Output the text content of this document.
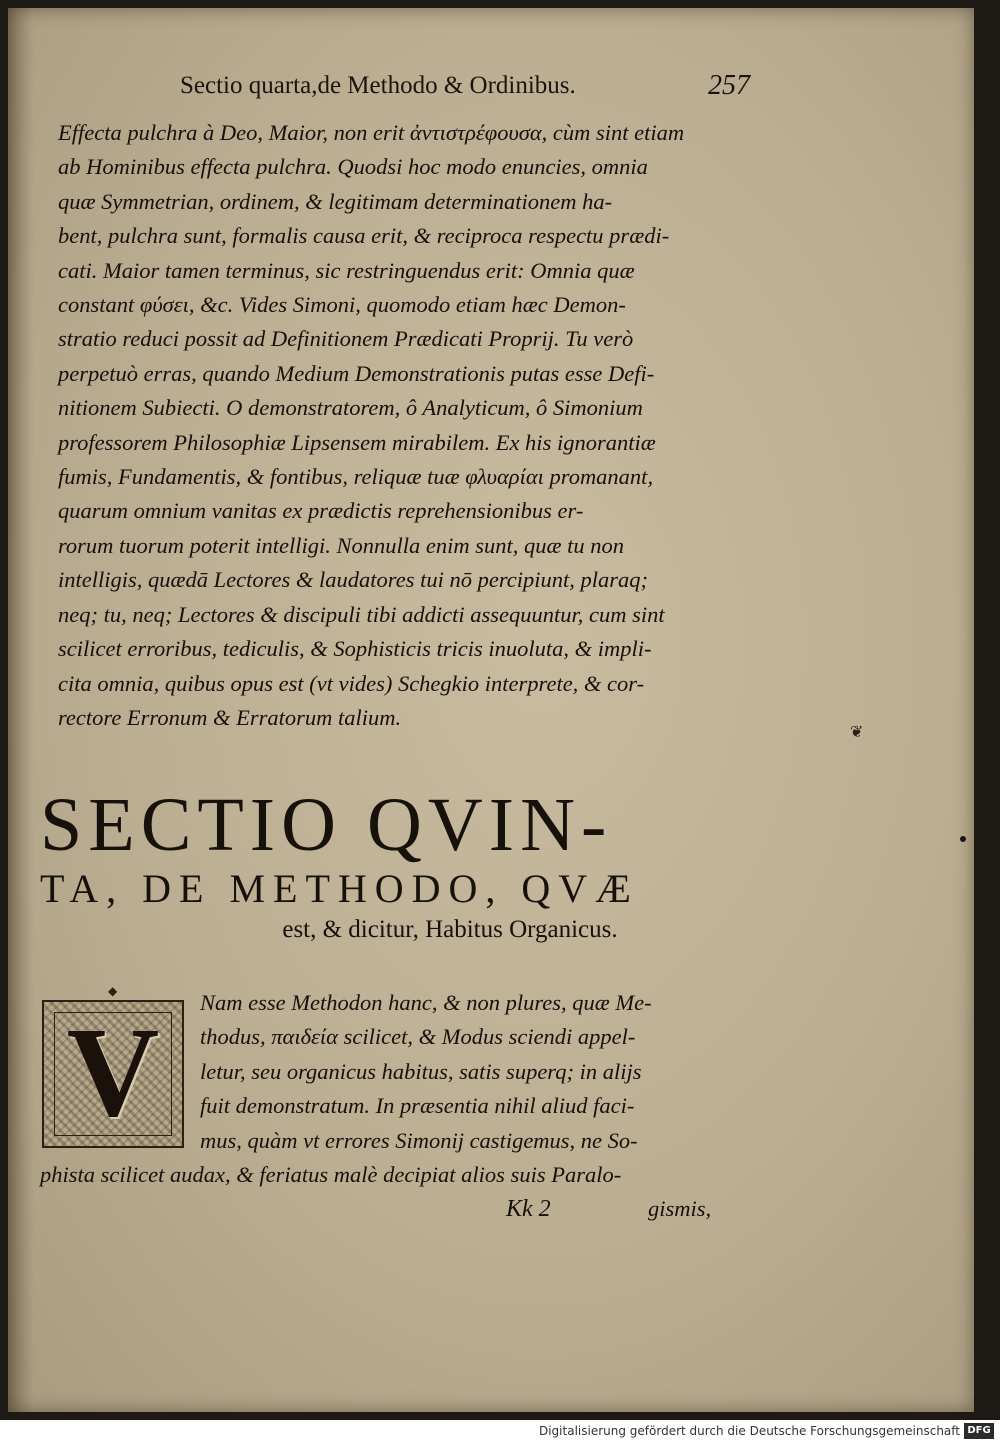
Sectio quarta,de Methodo & Ordinibus.	257

Effecta pulchra à Deo, Maior, non erit ἀντιστρέφουσα, cùm sint etiam

ab Hominibus effecta pulchra. Quodsi hoc modo enuncies, omnia

quæ Symmetrian, ordinem, & legitimam determinationem ha-

bent, pulchra sunt, formalis causa erit, & reciproca respectu prædi-

cati. Maior tamen terminus, sic restringuendus erit: Omnia quæ

constant φύσει, &c. Vides Simoni, quomodo etiam hæc Demon-

stratio reduci possit ad Definitionem Prædicati Proprij. Tu verò

perpetuò erras, quando Medium Demonstrationis putas esse Defi-

nitionem Subiecti. O demonstratorem, ô Analyticum, ô Simonium

professorem Philosophiæ Lipsensem mirabilem. Ex his ignorantiæ

fumis, Fundamentis, & fontibus, reliquæ tuæ φλυαρίαι promanant,

quarum omnium vanitas ex prædictis reprehensionibus er-

rorum tuorum poterit intelligi. Nonnulla enim sunt, quæ tu non

intelligis, quædā Lectores & laudatores tui nō percipiunt, plaraq;

neq; tu, neq; Lectores & discipuli tibi addicti assequuntur, cum sint

scilicet erroribus, tediculis, & Sophisticis tricis inuoluta, & impli-

cita omnia, quibus opus est (vt vides) Schegkio interprete, & cor-

rectore Erronum & Erratorum talium.

❦
SECTIO QVIN-
TA, DE METHODO, QVÆ
est, & dicitur, Habitus Organicus.
◆
V	Nam esse Methodon hanc, & non plures, quæ Me-

thodus, παιδεία scilicet, & Modus sciendi appel-

letur, seu organicus habitus, satis superq; in alijs

fuit demonstratum. In præsentia nihil aliud faci-

mus, quàm vt errores Simonij castigemus, ne So-

phista scilicet audax, & feriatus malè decipiat alios suis Paralo-
Kk 2	gismis,
Digitalisierung gefördert durch die Deutsche Forschungsgemeinschaft DFG
